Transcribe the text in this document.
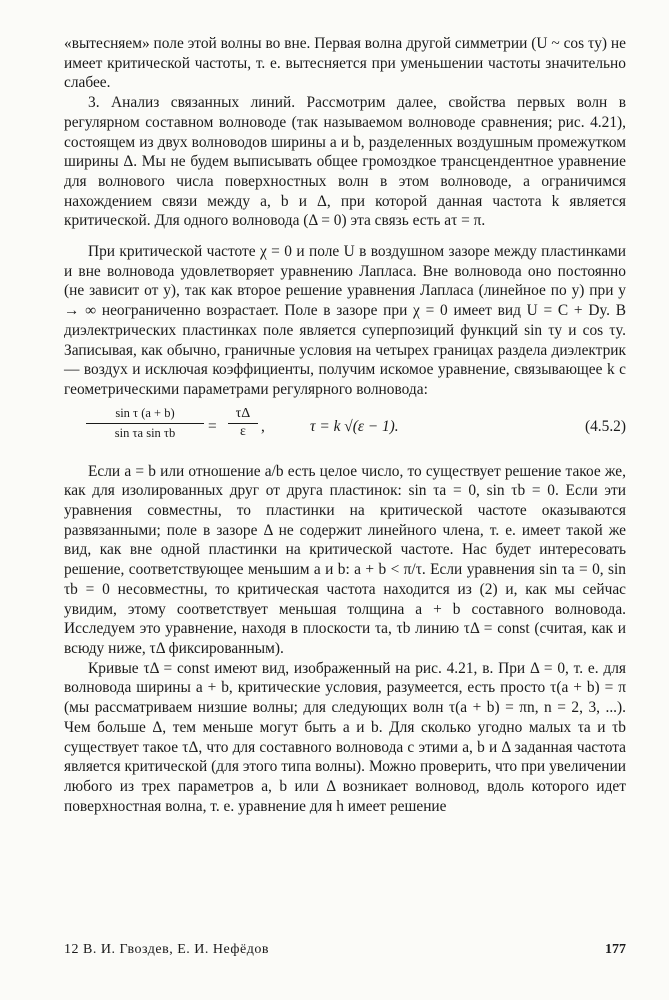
«вытесняем» поле этой волны во вне. Первая волна другой симметрии (U ~ cos τy) не имеет критической частоты, т. е. вытесняется при уменьшении частоты значительно слабее.

3. Анализ связанных линий. Рассмотрим далее, свойства первых волн в регулярном составном волноводе (так называемом волноводе сравнения; рис. 4.21), состоящем из двух волноводов ширины a и b, разделенных воздушным промежутком ширины Δ. Мы не будем выписывать общее громоздкое трансцендентное уравнение для волнового числа поверхностных волн в этом волноводе, а ограничимся нахождением связи между a, b и Δ, при которой данная частота k является критической. Для одного волновода (Δ = 0) эта связь есть aτ = π.

При критической частоте χ = 0 и поле U в воздушном зазоре между пластинками и вне волновода удовлетворяет уравнению Лапласа. Вне волновода оно постоянно (не зависит от y), так как второе решение уравнения Лапласа (линейное по y) при y → ∞ неограниченно возрастает. Поле в зазоре при χ = 0 имеет вид U = C + Dy. В диэлектрических пластинках поле является суперпозиций функций sin τy и cos τy. Записывая, как обычно, граничные условия на четырех границах раздела диэлектрик — воздух и исключая коэффициенты, получим искомое уравнение, связывающее k с геометрическими параметрами регулярного волновода:

$\frac{\text{sin τ (a + b)}}{\text{sin τa sin τb}} = \frac{\tau\Delta}{\varepsilon}$ ,	τ = k √(ε − 1).	(4.5.2)

Если a = b или отношение a/b есть целое число, то существует решение такое же, как для изолированных друг от друга пластинок: sin τa = 0, sin τb = 0. Если эти уравнения совместны, то пластинки на критической частоте оказываются развязанными; поле в зазоре Δ не содержит линейного члена, т. е. имеет такой же вид, как вне одной пластинки на критической частоте. Нас будет интересовать решение, соответствующее меньшим a и b: a + b < π/τ. Если уравнения sin τa = 0, sin τb = 0 несовместны, то критическая частота находится из (2) и, как мы сейчас увидим, этому соответствует меньшая толщина a + b составного волновода. Исследуем это уравнение, находя в плоскости τa, τb линию τΔ = const (считая, как и всюду ниже, τΔ фиксированным).

Кривые τΔ = const имеют вид, изображенный на рис. 4.21, в. При Δ = 0, т. е. для волновода ширины a + b, критические условия, разумеется, есть просто τ(a + b) = π (мы рассматриваем низшие волны; для следующих волн τ(a + b) = πn, n = 2, 3, ...). Чем больше Δ, тем меньше могут быть a и b. Для сколько угодно малых τa и τb существует такое τΔ, что для составного волновода с этими a, b и Δ заданная частота является критической (для этого типа волны). Можно проверить, что при увеличении любого из трех параметров a, b или Δ возникает волновод, вдоль которого идет поверхностная волна, т. е. уравнение для h имеет решение

12 В. И. Гвоздев, Е. И. Нефёдов	177
